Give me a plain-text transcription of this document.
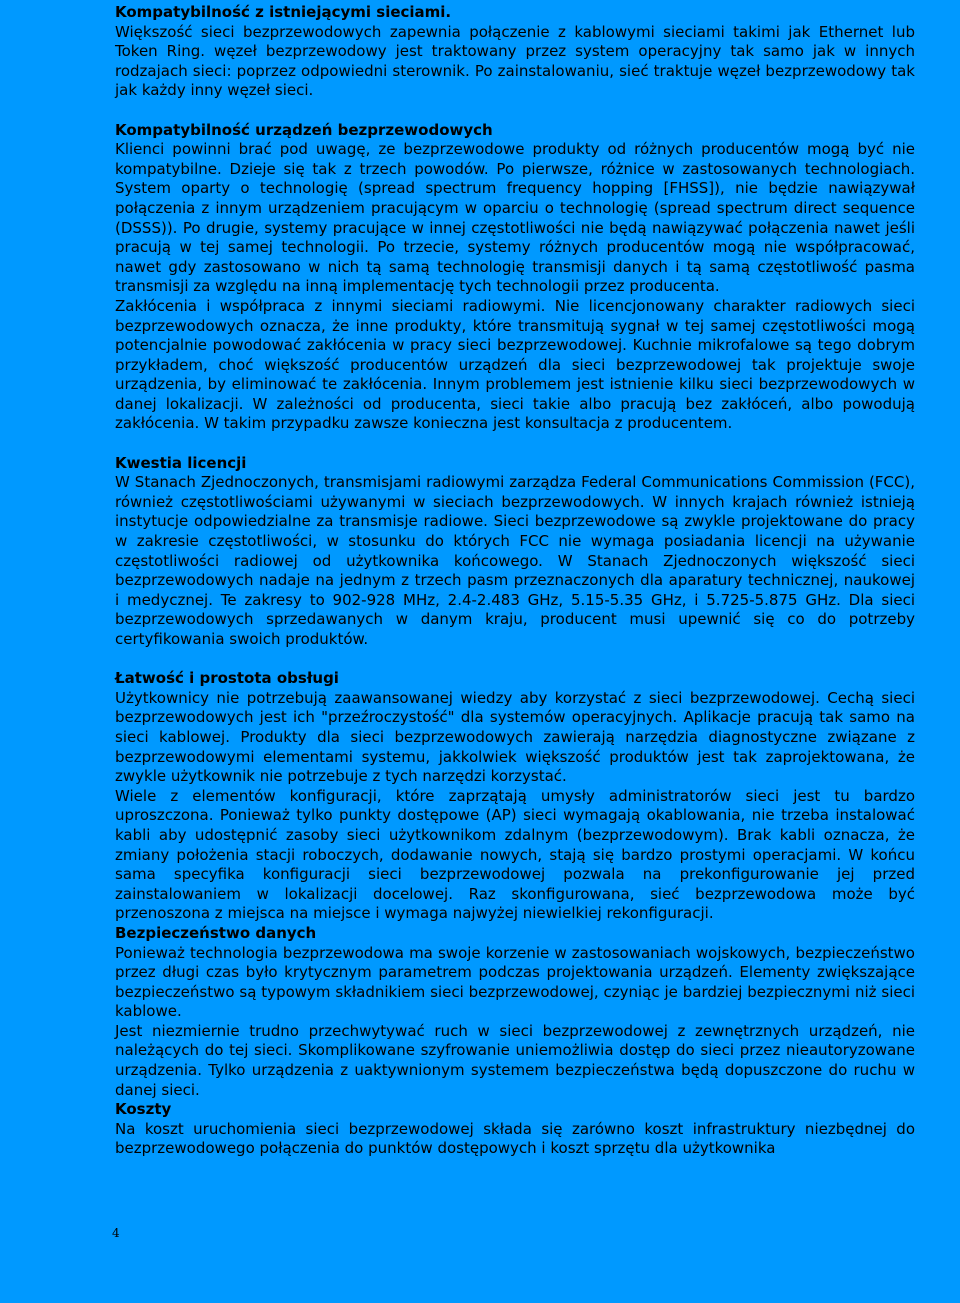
Kompatybilność z istniejącymi sieciami.

Większość sieci bezprzewodowych zapewnia połączenie z kablowymi sieciami takimi jak Ethernet lub Token Ring. węzeł bezprzewodowy jest traktowany przez system operacyjny tak samo jak w innych rodzajach sieci: poprzez odpowiedni sterownik. Po zainstalowaniu, sieć traktuje węzeł bezprzewodowy tak jak każdy inny węzeł sieci.

Kompatybilność urządzeń bezprzewodowych

Klienci powinni brać pod uwagę, ze bezprzewodowe produkty od różnych producentów mogą być nie kompatybilne. Dzieje się tak z trzech powodów. Po pierwsze, różnice w zastosowanych technologiach. System oparty o technologię (spread spectrum frequency hopping [FHSS]), nie będzie nawiązywał połączenia z innym urządzeniem pracującym w oparciu o technologię (spread spectrum direct sequence (DSSS)). Po drugie, systemy pracujące w innej częstotliwości nie będą nawiązywać połączenia nawet jeśli pracują w tej samej technologii. Po trzecie, systemy różnych producentów mogą nie współpracować, nawet gdy zastosowano w nich tą samą technologię transmisji danych i tą samą częstotliwość pasma transmisji za względu na inną implementację tych technologii przez producenta.

Zakłócenia i współpraca z innymi sieciami radiowymi. Nie licencjonowany charakter radiowych sieci bezprzewodowych oznacza, że inne produkty, które transmitują sygnał w tej samej częstotliwości mogą potencjalnie powodować zakłócenia w pracy sieci bezprzewodowej. Kuchnie mikrofalowe są tego dobrym przykładem, choć większość producentów urządzeń dla sieci bezprzewodowej tak projektuje swoje urządzenia, by eliminować te zakłócenia. Innym problemem jest istnienie kilku sieci bezprzewodowych w danej lokalizacji. W zależności od producenta, sieci takie albo pracują bez zakłóceń, albo powodują zakłócenia. W takim przypadku zawsze konieczna jest konsultacja z producentem.

Kwestia licencji

W Stanach Zjednoczonych, transmisjami radiowymi zarządza Federal Communications Commission (FCC), również częstotliwościami używanymi w sieciach bezprzewodowych. W innych krajach również istnieją instytucje odpowiedzialne za transmisje radiowe. Sieci bezprzewodowe są zwykle projektowane do pracy w zakresie częstotliwości, w stosunku do których FCC nie wymaga posiadania licencji na używanie częstotliwości radiowej od użytkownika końcowego. W Stanach Zjednoczonych większość sieci bezprzewodowych nadaje na jednym z trzech pasm przeznaczonych dla aparatury technicznej, naukowej i medycznej. Te zakresy to 902-928 MHz, 2.4-2.483 GHz, 5.15-5.35 GHz, i 5.725-5.875 GHz. Dla sieci bezprzewodowych sprzedawanych w danym kraju, producent musi upewnić się co do potrzeby certyfikowania swoich produktów.

Łatwość i prostota obsługi

Użytkownicy nie potrzebują zaawansowanej wiedzy aby korzystać z sieci bezprzewodowej. Cechą sieci bezprzewodowych jest ich "przeźroczystość" dla systemów operacyjnych. Aplikacje pracują tak samo na sieci kablowej. Produkty dla sieci bezprzewodowych zawierają narzędzia diagnostyczne związane z bezprzewodowymi elementami systemu, jakkolwiek większość produktów jest tak zaprojektowana, że zwykle użytkownik nie potrzebuje z tych narzędzi korzystać.

Wiele z elementów konfiguracji, które zaprzątają umysły administratorów sieci jest tu bardzo uproszczona. Ponieważ tylko punkty dostępowe (AP) sieci wymagają okablowania, nie trzeba instalować kabli aby udostępnić zasoby sieci użytkownikom zdalnym (bezprzewodowym). Brak kabli oznacza, że zmiany położenia stacji roboczych, dodawanie nowych, stają się bardzo prostymi operacjami. W końcu sama specyfika konfiguracji sieci bezprzewodowej pozwala na prekonfigurowanie jej przed zainstalowaniem w lokalizacji docelowej. Raz skonfigurowana, sieć bezprzewodowa może być przenoszona z miejsca na miejsce i wymaga najwyżej niewielkiej rekonfiguracji.

Bezpieczeństwo danych

Ponieważ technologia bezprzewodowa ma swoje korzenie w zastosowaniach wojskowych, bezpieczeństwo przez długi czas było krytycznym parametrem podczas projektowania urządzeń. Elementy zwiększające bezpieczeństwo są typowym składnikiem sieci bezprzewodowej, czyniąc je bardziej bezpiecznymi niż sieci kablowe.

Jest niezmiernie trudno przechwytywać ruch w sieci bezprzewodowej z zewnętrznych urządzeń, nie należących do tej sieci. Skomplikowane szyfrowanie uniemożliwia dostęp do sieci przez nieautoryzowane urządzenia. Tylko urządzenia z uaktywnionym systemem bezpieczeństwa będą dopuszczone do ruchu w danej sieci.

Koszty

Na koszt uruchomienia sieci bezprzewodowej składa się zarówno koszt infrastruktury niezbędnej do bezprzewodowego połączenia do punktów dostępowych i koszt sprzętu dla użytkownika

4
